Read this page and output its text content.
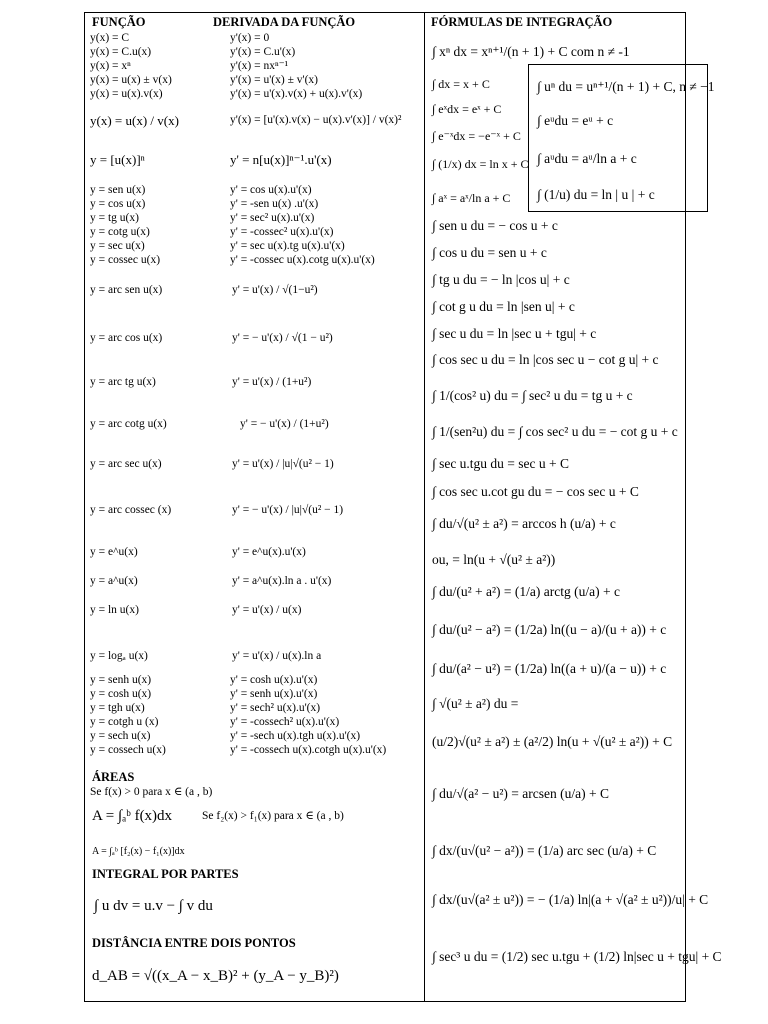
FUNÇÃO	DERIVADA DA FUNÇÃO	FÓRMULAS DE INTEGRAÇÃO
y(x) = C	y'(x) = 0
y(x) = C.u(x)	y'(x) = C.u'(x)
y(x) = xⁿ	y'(x) = nxⁿ⁻¹
y(x) = u(x) ± v(x)	y'(x) = u'(x) ± v'(x)
y(x) = u(x).v(x)	y'(x) = u'(x).v(x) + u(x).v'(x)
y(x) = u(x) / v(x)	y'(x) = [u'(x).v(x) − u(x).v'(x)] / v(x)²
y = [u(x)]ⁿ	y' = n[u(x)]ⁿ⁻¹.u'(x)
y = sen u(x)	y' = cos u(x).u'(x)
y = cos u(x)	y' = -sen u(x) .u'(x)
y = tg u(x)	y' = sec² u(x).u'(x)
y = cotg u(x)	y' = -cossec² u(x).u'(x)
y = sec u(x)	y' = sec u(x).tg u(x).u'(x)
y = cossec u(x)	y' = -cossec u(x).cotg u(x).u'(x)
y = arc sen u(x)	y' = u'(x) / √(1−u²)
y = arc cos u(x)	y' = − u'(x) / √(1 − u²)
y = arc tg u(x)	y' = u'(x) / (1+u²)
y = arc cotg u(x)	y' = − u'(x) / (1+u²)
y = arc sec u(x)	y' = u'(x) / |u|√(u² − 1)
y = arc cossec (x)	y' = − u'(x) / |u|√(u² − 1)
y = e^u(x)	y' = e^u(x).u'(x)
y = a^u(x)	y' = a^u(x).ln a . u'(x)
y = ln u(x)	y' = u'(x) / u(x)
y = logₐ u(x)	y' = u'(x) / u(x).ln a
y = senh u(x)	y' = cosh u(x).u'(x)
y = cosh u(x)	y' = senh u(x).u'(x)
y = tgh u(x)	y' = sech² u(x).u'(x)
y = cotgh u (x)	y' = -cossech² u(x).u'(x)
y = sech u(x)	y' = -sech u(x).tgh u(x).u'(x)
y = cossech u(x)	y' = -cossech u(x).cotgh u(x).u'(x)
ÁREAS
Se f(x) > 0 para x ∈ (a , b)
A = ∫ₐᵇ f(x)dx	Se f₂(x) > f₁(x) para x ∈ (a , b)
A = ∫ₐᵇ [f₂(x) − f₁(x)]dx
INTEGRAL POR PARTES
∫ u dv = u.v − ∫ v du
DISTÂNCIA ENTRE DOIS PONTOS
d_AB = √((x_A − x_B)² + (y_A − y_B)²)
∫ xⁿ dx = xⁿ⁺¹/(n + 1) + C com n ≠ -1
∫ dx = x + C
∫ eˣdx = eˣ + C
∫ e⁻ˣdx = −e⁻ˣ + C
∫ (1/x) dx = ln x + C
∫ aˣ = aˣ/ln a + C
∫ sen u du = − cos u + c
∫ cos u du = sen u + c
∫ tg u du = − ln |cos u| + c
∫ cot g u du = ln |sen u| + c
∫ sec u du = ln |sec u + tgu| + c
∫ cos sec u du = ln |cos sec u − cot g u| + c
∫ 1/(cos² u) du = ∫ sec² u du = tg u + c
∫ 1/(sen²u) du = ∫ cos sec² u du = − cot g u + c
∫ sec u.tgu du = sec u + C
∫ cos sec u.cot gu du = − cos sec u + C
∫ du/√(u² ± a²) = arccos h (u/a) + c
ou, = ln(u + √(u² ± a²))
∫ du/(u² + a²) = (1/a) arctg (u/a) + c
∫ du/(u² − a²) = (1/2a) ln((u − a)/(u + a)) + c
∫ du/(a² − u²) = (1/2a) ln((a + u)/(a − u)) + c
∫ √(u² ± a²) du =
(u/2)√(u² ± a²) ± (a²/2) ln(u + √(u² ± a²)) + C
∫ du/√(a² − u²) = arcsen (u/a) + C
∫ dx/(u√(u² − a²)) = (1/a) arc sec (u/a) + C
∫ dx/(u√(a² ± u²)) = − (1/a) ln|(a + √(a² ± u²))/u| + C
∫ sec³ u du = (1/2) sec u.tgu + (1/2) ln|sec u + tgu| + C
∫ uⁿ du = uⁿ⁺¹/(n + 1) + C, n ≠ −1
∫ eᵘdu = eᵘ + c
∫ aᵘdu = aᵘ/ln a + c
∫ (1/u) du = ln | u | + c
